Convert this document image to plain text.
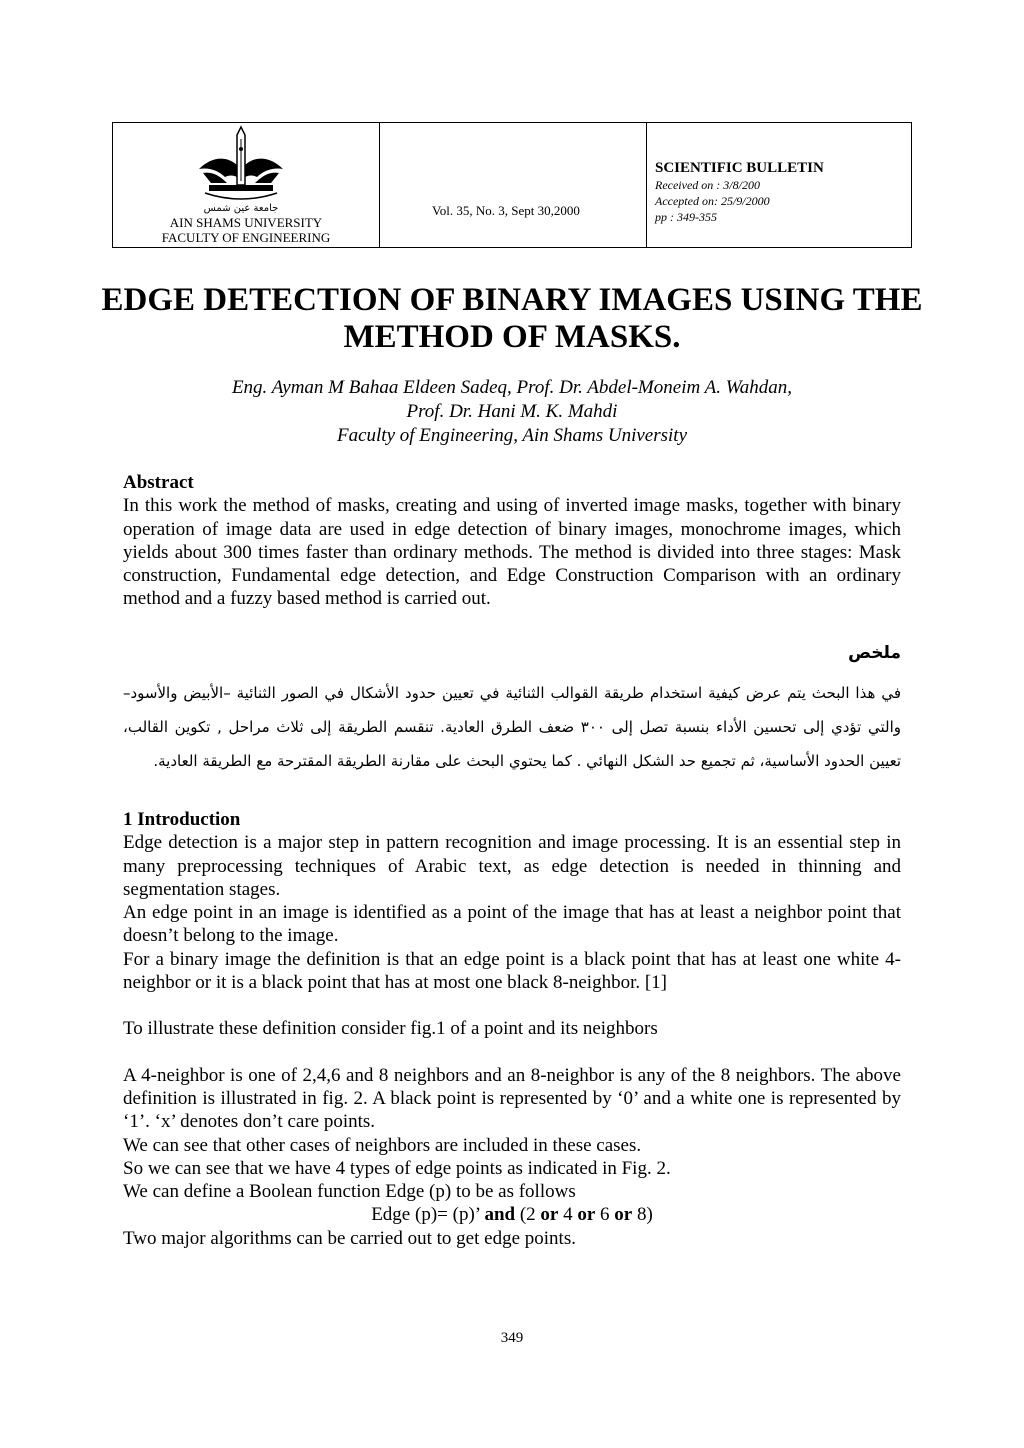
جامعة عين شمس
AIN SHAMS UNIVERSITY
FACULTY OF ENGINEERING
Vol. 35, No. 3, Sept 30,2000
SCIENTIFIC BULLETIN
Received on : 3/8/200
Accepted on: 25/9/2000
pp : 349-355
EDGE DETECTION OF BINARY IMAGES USING THE
METHOD OF MASKS.
Eng. Ayman M Bahaa Eldeen Sadeq, Prof. Dr. Abdel-Moneim A. Wahdan,
Prof. Dr. Hani M. K. Mahdi
Faculty of Engineering, Ain Shams University

Abstract

In this work the method of masks, creating and using of inverted image masks, together with binary operation of image data are used in edge detection of binary images, monochrome images, which yields about 300 times faster than ordinary methods. The method is divided into three stages: Mask construction, Fundamental edge detection, and Edge Construction Comparison with an ordinary method and a fuzzy based method is carried out.

ملخص
في هذا البحث يتم عرض كيفية استخدام طريقة القوالب الثنائية في تعيين حدود الأشكال في الصور الثنائية –الأبيض والأسود– والتي تؤدي إلى تحسين الأداء بنسبة تصل إلى ٣٠٠ ضعف الطرق العادية. تنقسم الطريقة إلى ثلاث مراحل , تكوين القالب، تعيين الحدود الأساسية، ثم تجميع حد الشكل النهائي . كما يحتوي البحث على مقارنة الطريقة المقترحة مع الطريقة العادية.

1 Introduction

Edge detection is a major step in pattern recognition and image processing. It is an essential step in many preprocessing techniques of Arabic text, as edge detection is needed in thinning and segmentation stages.

An edge point in an image is identified as a point of the image that has at least a neighbor point that doesn’t belong to the image.

For a binary image the definition is that an edge point is a black point that has at least one white 4-neighbor or it is a black point that has at most one black 8-neighbor. [1]

To illustrate these definition consider fig.1 of a point and its neighbors

A 4-neighbor is one of 2,4,6 and 8 neighbors and an 8-neighbor is any of the 8 neighbors. The above definition is illustrated in fig. 2. A black point is represented by ‘0’ and a white one is represented by ‘1’. ‘x’ denotes don’t care points.

We can see that other cases of neighbors are included in these cases.

So we can see that we have 4 types of edge points as indicated in Fig. 2.

We can define a Boolean function Edge (p) to be as follows

Edge (p)= (p)’ and (2 or 4 or 6 or 8)

Two major algorithms can be carried out to get edge points.

349
